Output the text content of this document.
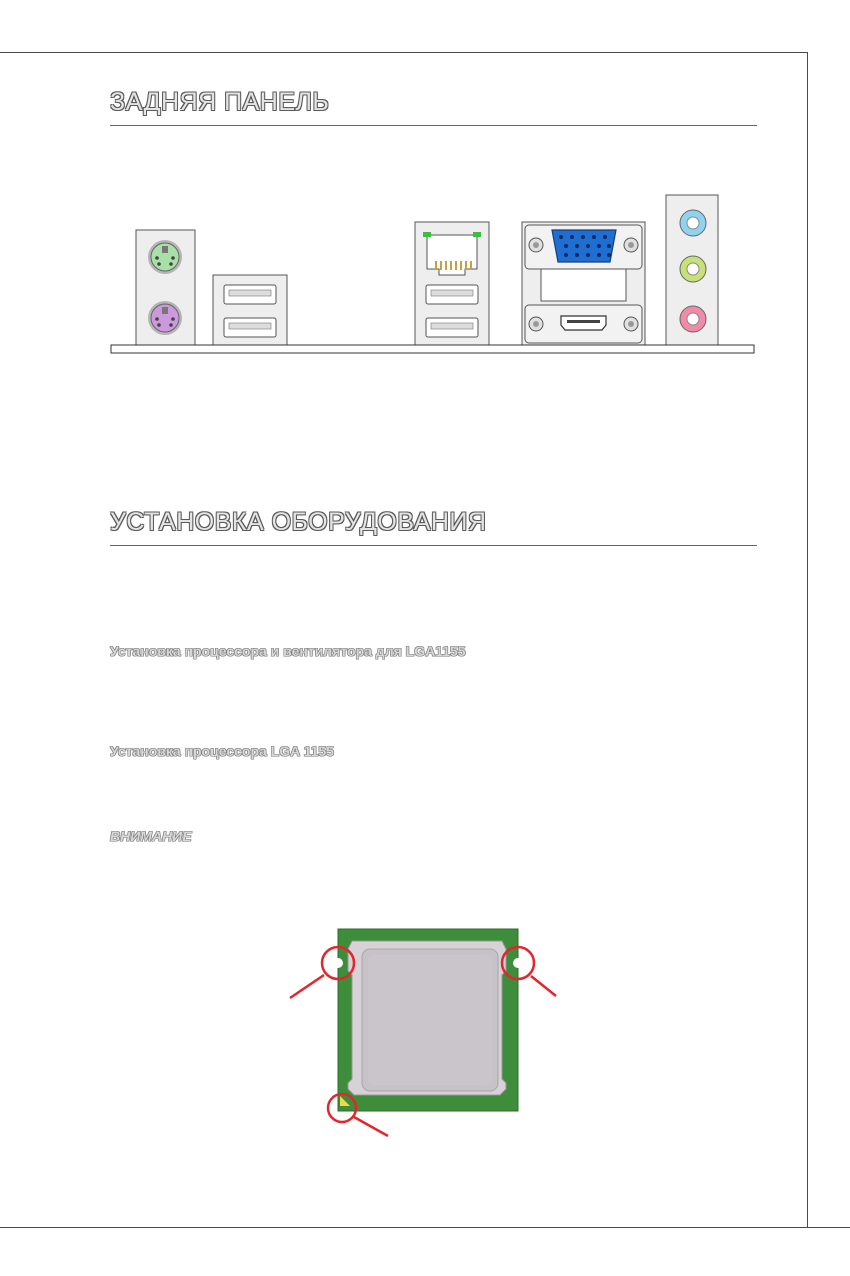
ЗАДНЯЯ ПАНЕЛЬ
УСТАНОВКА ОБОРУДОВАНИЯ

Установка процессора и вентилятора для LGA1155

Установка процессора LGA 1155

ВНИМАНИЕ
